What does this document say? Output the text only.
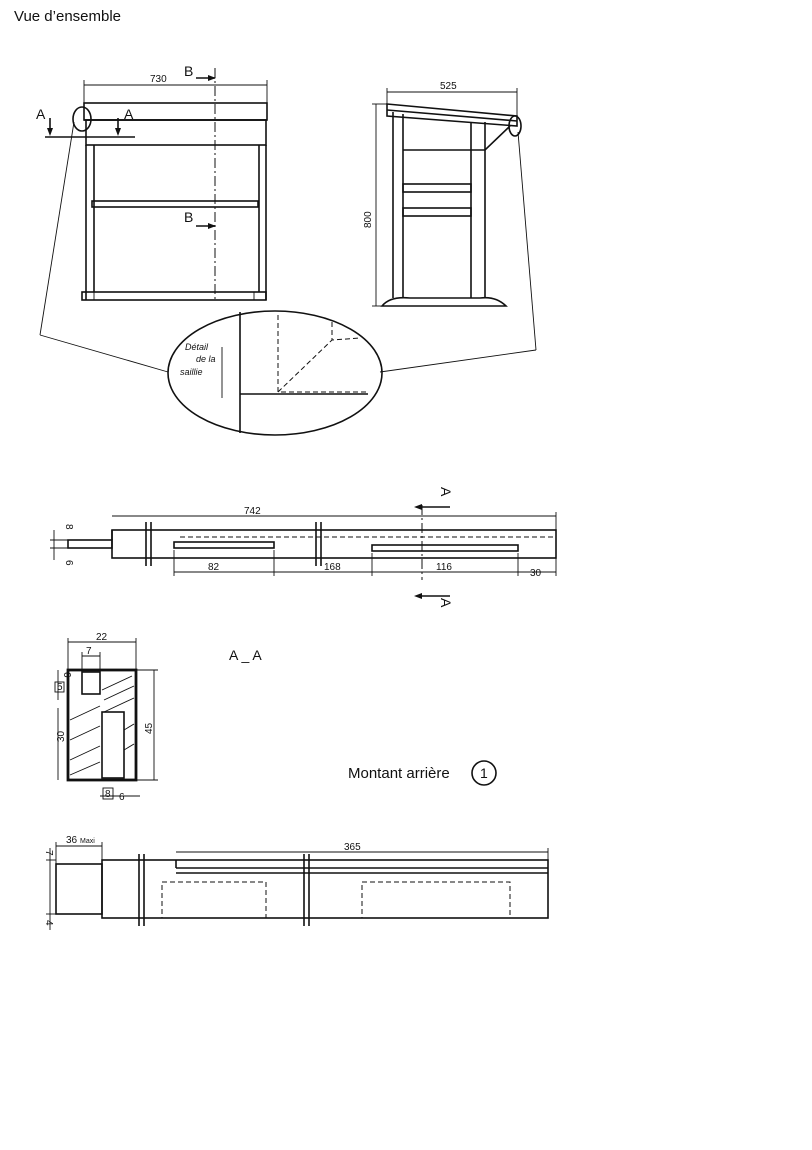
Vue d’ensemble
730
A	A
B
B
525
800
Détail
de la
saillie
742
8
6	82	168	116
30
A
A
A _ A
22
7
5
6
30
45
8 6
Montant arrière 1
36 Maxi
365
7
4
